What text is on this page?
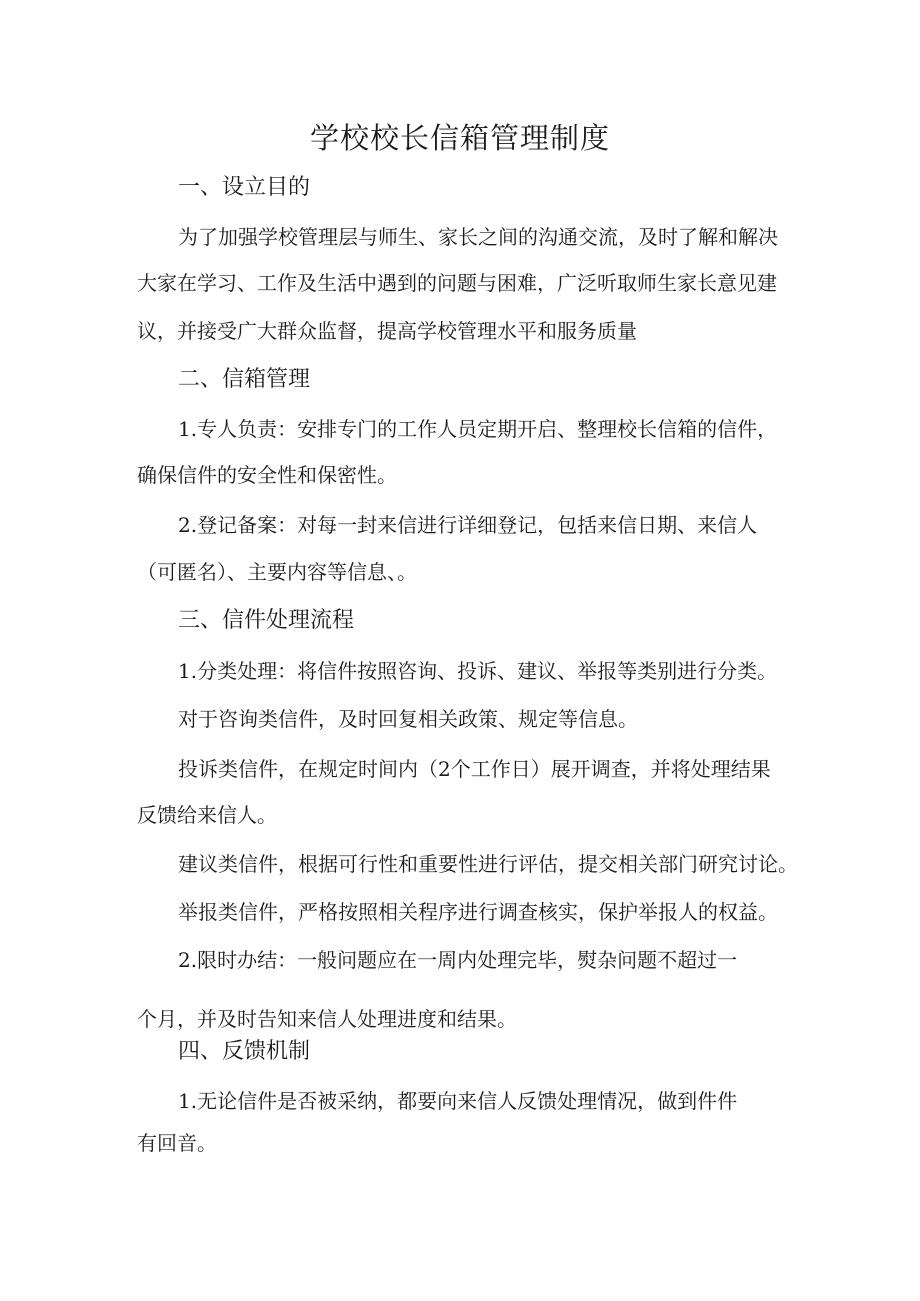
学校校长信箱管理制度
一、设立目的
为了加强学校管理层与师生、家长之间的沟通交流，及时了解和解决
大家在学习、工作及生活中遇到的问题与困难，广泛听取师生家长意见建
议，并接受广大群众监督，提高学校管理水平和服务质量
二、信箱管理
1.专人负责：安排专门的工作人员定期开启、整理校长信箱的信件，
确保信件的安全性和保密性。
2.登记备案：对每一封来信进行详细登记，包括来信日期、来信人
（可匿名）、主要内容等信息、。
三、信件处理流程
1.分类处理：将信件按照咨询、投诉、建议、举报等类别进行分类。
对于咨询类信件，及时回复相关政策、规定等信息。
投诉类信件，在规定时间内（2个工作日）展开调查，并将处理结果
反馈给来信人。
建议类信件，根据可行性和重要性进行评估，提交相关部门研究讨论。
举报类信件，严格按照相关程序进行调查核实，保护举报人的权益。
2.限时办结：一般问题应在一周内处理完毕，熨杂问题不超过一
个月，并及时告知来信人处理进度和结果。
四、反馈机制
1.无论信件是否被采纳，都要向来信人反馈处理情况，做到件件
有回音。
